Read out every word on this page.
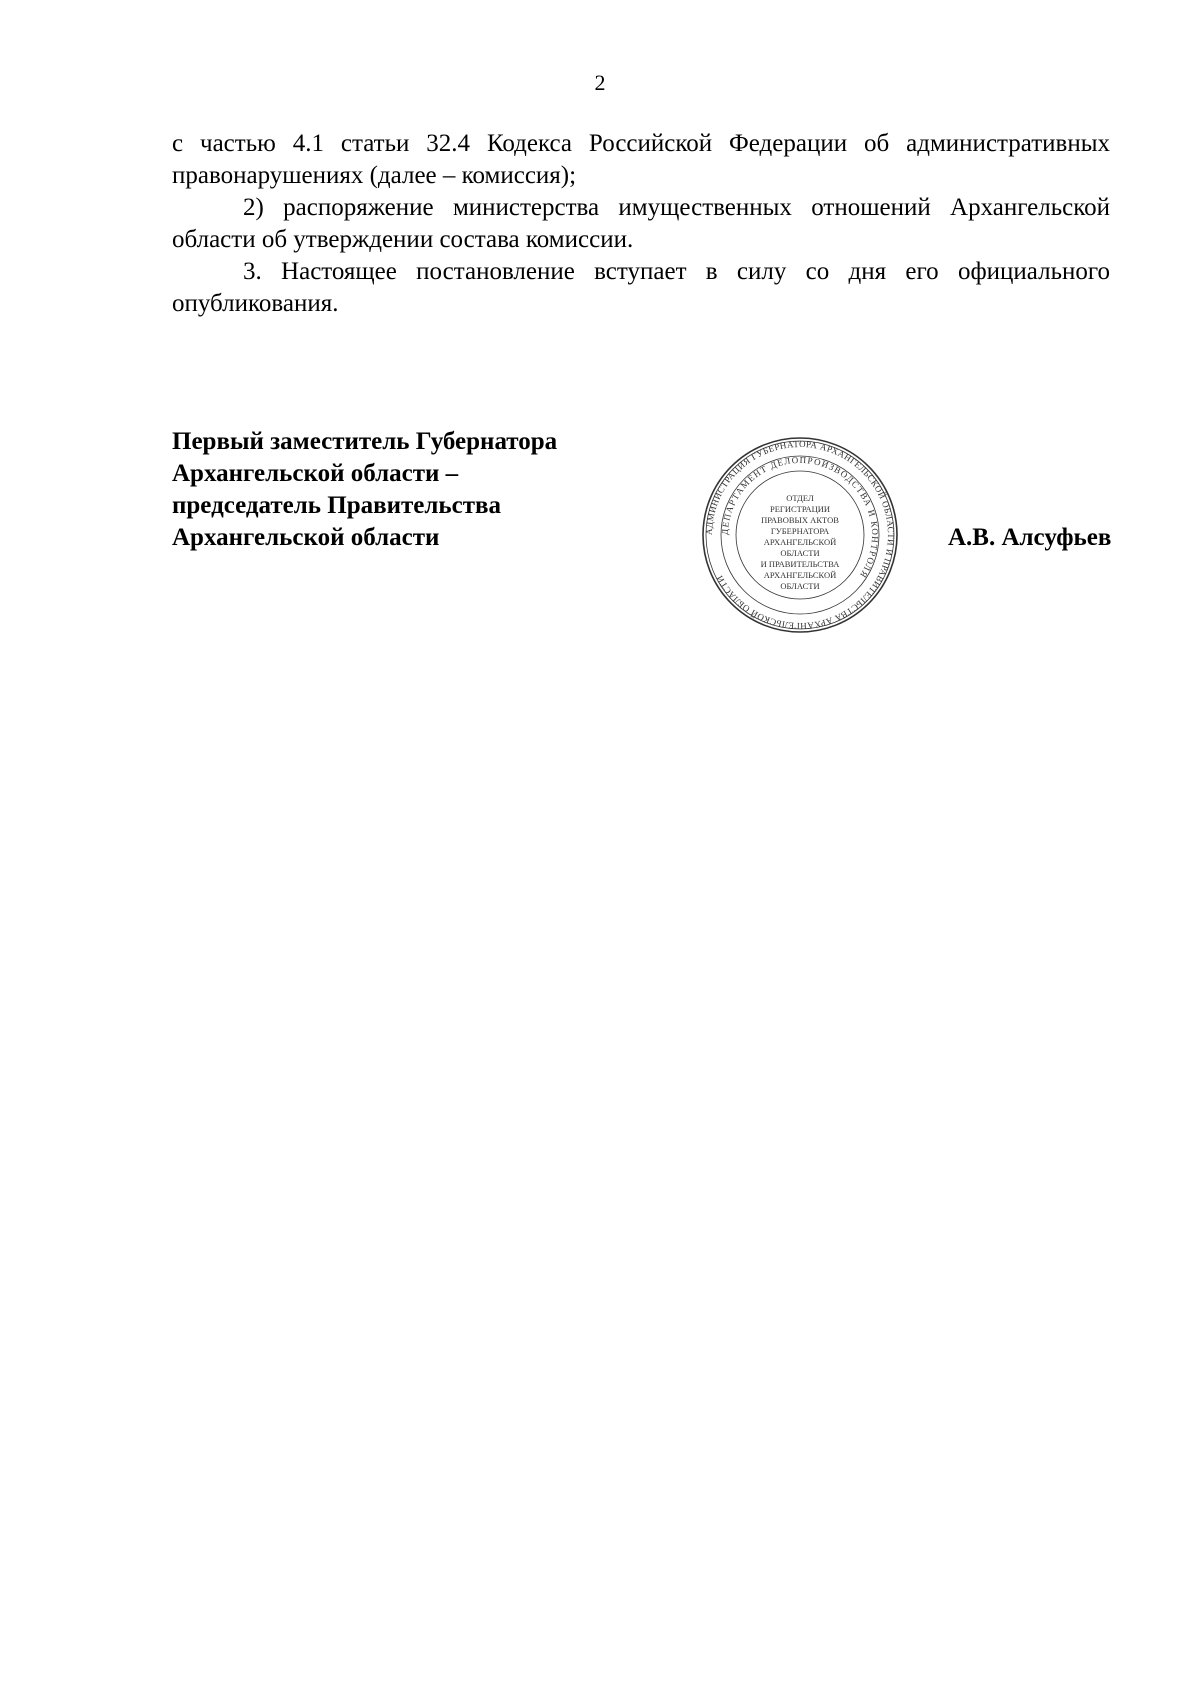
2

с частью 4.1 статьи 32.4 Кодекса Российской Федерации об административных правонарушениях (далее – комиссия);

2) распоряжение министерства имущественных отношений Архангельской области об утверждении состава комиссии.

3. Настоящее постановление вступает в силу со дня его официального опубликования.

Первый заместитель Губернатора
Архангельской области –
председатель Правительства
Архангельской области	АДМИНИСТРАЦИЯ ГУБЕРНАТОРА АРХАНГЕЛЬСКОЙ ОБЛАСТИ И ПРАВИТЕЛЬСТВА АРХАНГЕЛЬСКОЙ ОБЛАСТИ
ДЕПАРТАМЕНТ ДЕЛОПРОИЗВОДСТВА И КОНТРОЛЯ
ОТДЕЛ
РЕГИСТРАЦИИ
ПРАВОВЫХ АКТОВ
ГУБЕРНАТОРА
АРХАНГЕЛЬСКОЙ
ОБЛАСТИ
И ПРАВИТЕЛЬСТВА
АРХАНГЕЛЬСКОЙ
ОБЛАСТИ
А.В. Алсуфьев
